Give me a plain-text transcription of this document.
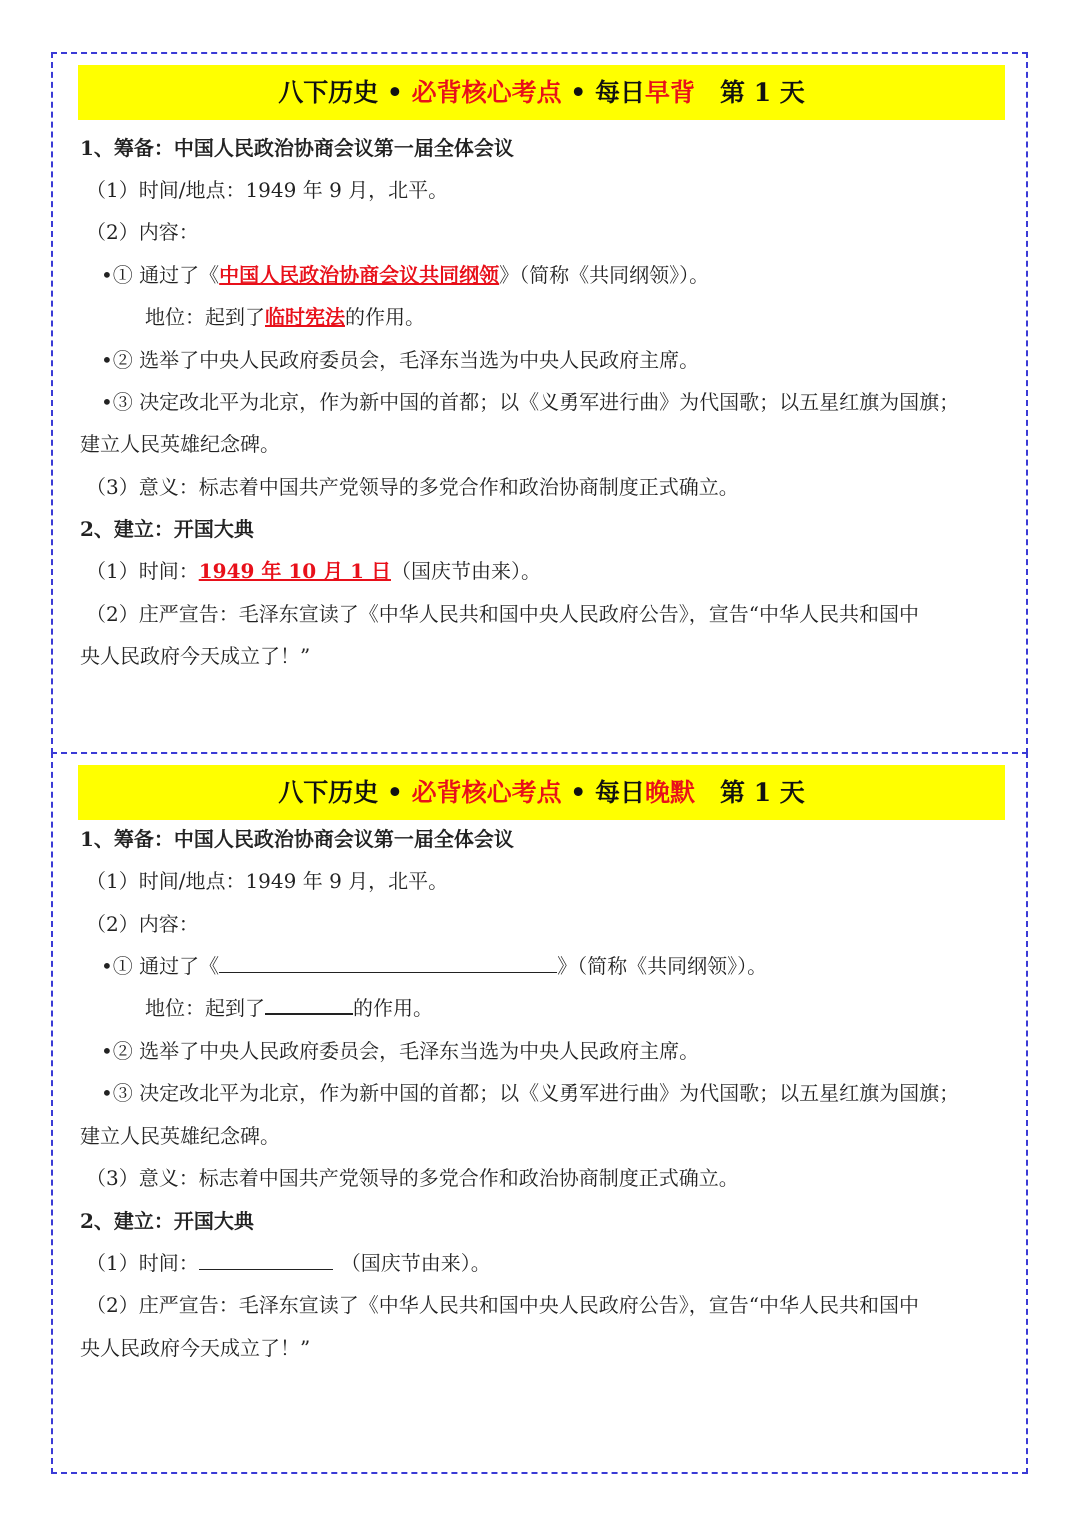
八下历史 • 必背核心考点 • 每日早背　第 1 天
1、筹备：中国人民政治协商会议第一届全体会议
（1）时间/地点：1949 年 9 月，北平。
（2）内容：
•① 通过了《中国人民政治协商会议共同纲领》（简称《共同纲领》）。
地位：起到了临时宪法的作用。
•② 选举了中央人民政府委员会，毛泽东当选为中央人民政府主席。
•③ 决定改北平为北京，作为新中国的首都；以《义勇军进行曲》为代国歌；以五星红旗为国旗；
建立人民英雄纪念碑。
（3）意义：标志着中国共产党领导的多党合作和政治协商制度正式确立。
2、建立：开国大典
（1）时间：1949 年 10 月 1 日（国庆节由来）。
（2）庄严宣告：毛泽东宣读了《中华人民共和国中央人民政府公告》，宣告“中华人民共和国中
央人民政府今天成立了！”
八下历史 • 必背核心考点 • 每日晚默　第 1 天
1、筹备：中国人民政治协商会议第一届全体会议
（1）时间/地点：1949 年 9 月，北平。
（2）内容：
•① 通过了《	》（简称《共同纲领》）。
地位：起到了	的作用。
•② 选举了中央人民政府委员会，毛泽东当选为中央人民政府主席。
•③ 决定改北平为北京，作为新中国的首都；以《义勇军进行曲》为代国歌；以五星红旗为国旗；
建立人民英雄纪念碑。
（3）意义：标志着中国共产党领导的多党合作和政治协商制度正式确立。
2、建立：开国大典
（1）时间：	（国庆节由来）。
（2）庄严宣告：毛泽东宣读了《中华人民共和国中央人民政府公告》，宣告“中华人民共和国中
央人民政府今天成立了！”
